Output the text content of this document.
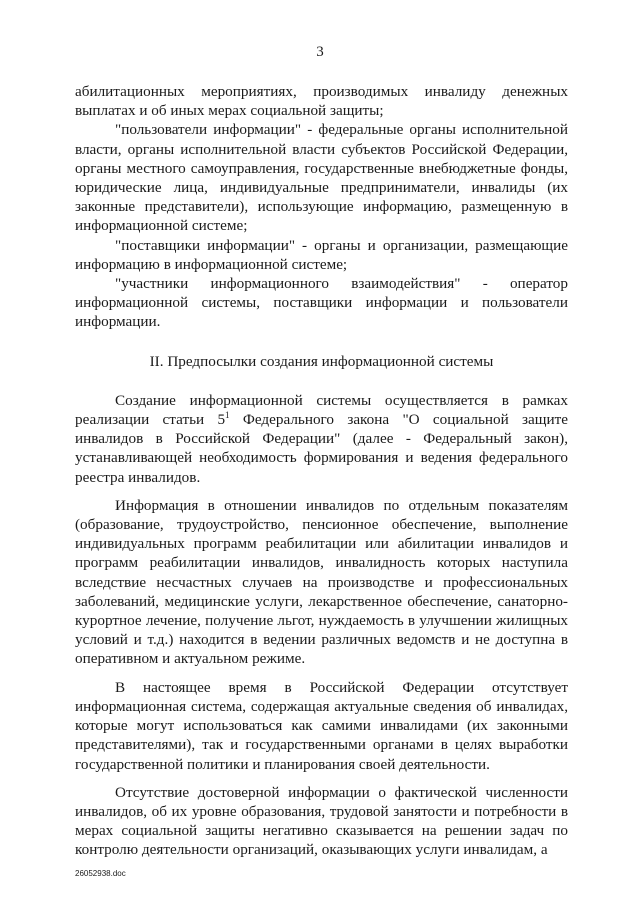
3

абилитационных мероприятиях, производимых инвалиду денежных выплатах и об иных мерах социальной защиты;

"пользователи информации" - федеральные органы исполнительной власти, органы исполнительной власти субъектов Российской Федерации, органы местного самоуправления, государственные внебюджетные фонды, юридические лица, индивидуальные предприниматели, инвалиды (их законные представители), использующие информацию, размещенную в информационной системе;

"поставщики информации" - органы и организации, размещающие информацию в информационной системе;

"участники информационного взаимодействия" - оператор информационной системы, поставщики информации и пользователи информации.

II. Предпосылки создания информационной системы

Создание информационной системы осуществляется в рамках реализации статьи $5^1$ Федерального закона "О социальной защите инвалидов в Российской Федерации" (далее - Федеральный закон), устанавливающей необходимость формирования и ведения федерального реестра инвалидов.

Информация в отношении инвалидов по отдельным показателям (образование, трудоустройство, пенсионное обеспечение, выполнение индивидуальных программ реабилитации или абилитации инвалидов и программ реабилитации инвалидов, инвалидность которых наступила вследствие несчастных случаев на производстве и профессиональных заболеваний, медицинские услуги, лекарственное обеспечение, санаторно-курортное лечение, получение льгот, нуждаемость в улучшении жилищных условий и т.д.) находится в ведении различных ведомств и не доступна в оперативном и актуальном режиме.

В настоящее время в Российской Федерации отсутствует информационная система, содержащая актуальные сведения об инвалидах, которые могут использоваться как самими инвалидами (их законными представителями), так и государственными органами в целях выработки государственной политики и планирования своей деятельности.

Отсутствие достоверной информации о фактической численности инвалидов, об их уровне образования, трудовой занятости и потребности в мерах социальной защиты негативно сказывается на решении задач по контролю деятельности организаций, оказывающих услуги инвалидам, а

26052938.doc
